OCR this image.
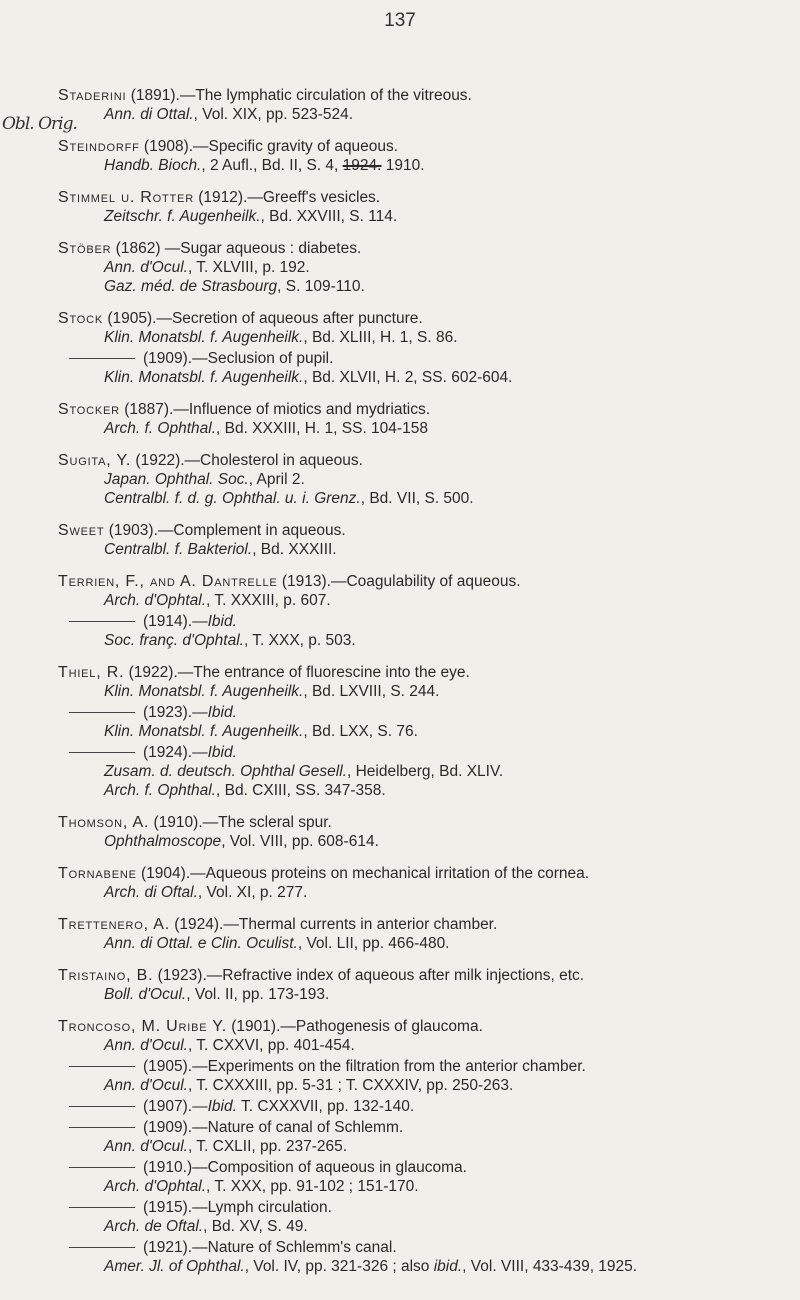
137
Obl. Orig.
Staderini (1891).—The lymphatic circulation of the vitreous.
Ann. di Ottal., Vol. XIX, pp. 523-524.
Steindorff (1908).—Specific gravity of aqueous.
Handb. Bioch., 2 Aufl., Bd. II, S. 4, 1924. 1910.
Stimmel u. Rotter (1912).—Greeff's vesicles.
Zeitschr. f. Augenheilk., Bd. XXVIII, S. 114.
Stöber (1862) —Sugar aqueous : diabetes.
Ann. d'Ocul., T. XLVIII, p. 192.
Gaz. méd. de Strasbourg, S. 109-110.
Stock (1905).—Secretion of aqueous after puncture.
Klin. Monatsbl. f. Augenheilk., Bd. XLIII, H. 1, S. 86.
(1909).—Seclusion of pupil.
Klin. Monatsbl. f. Augenheilk., Bd. XLVII, H. 2, SS. 602-604.
Stocker (1887).—Influence of miotics and mydriatics.
Arch. f. Ophthal., Bd. XXXIII, H. 1, SS. 104-158
Sugita, Y. (1922).—Cholesterol in aqueous.
Japan. Ophthal. Soc., April 2.
Centralbl. f. d. g. Ophthal. u. i. Grenz., Bd. VII, S. 500.
Sweet (1903).—Complement in aqueous.
Centralbl. f. Bakteriol., Bd. XXXIII.
Terrien, F., and A. Dantrelle (1913).—Coagulability of aqueous.
Arch. d'Ophtal., T. XXXIII, p. 607.
(1914).—Ibid.
Soc. franç. d'Ophtal., T. XXX, p. 503.
Thiel, R. (1922).—The entrance of fluorescine into the eye.
Klin. Monatsbl. f. Augenheilk., Bd. LXVIII, S. 244.
(1923).—Ibid.
Klin. Monatsbl. f. Augenheilk., Bd. LXX, S. 76.
(1924).—Ibid.
Zusam. d. deutsch. Ophthal Gesell., Heidelberg, Bd. XLIV.
Arch. f. Ophthal., Bd. CXIII, SS. 347-358.
Thomson, A. (1910).—The scleral spur.
Ophthalmoscope, Vol. VIII, pp. 608-614.
Tornabene (1904).—Aqueous proteins on mechanical irritation of the cornea.
Arch. di Oftal., Vol. XI, p. 277.
Trettenero, A. (1924).—Thermal currents in anterior chamber.
Ann. di Ottal. e Clin. Oculist., Vol. LII, pp. 466-480.
Tristaino, B. (1923).—Refractive index of aqueous after milk injections, etc.
Boll. d'Ocul., Vol. II, pp. 173-193.
Troncoso, M. Uribe Y. (1901).—Pathogenesis of glaucoma.
Ann. d'Ocul., T. CXXVI, pp. 401-454.
(1905).—Experiments on the filtration from the anterior chamber.
Ann. d'Ocul., T. CXXXIII, pp. 5-31 ; T. CXXXIV, pp. 250-263.
(1907).—Ibid. T. CXXXVII, pp. 132-140.
(1909).—Nature of canal of Schlemm.
Ann. d'Ocul., T. CXLII, pp. 237-265.
(1910.)—Composition of aqueous in glaucoma.
Arch. d'Ophtal., T. XXX, pp. 91-102 ; 151-170.
(1915).—Lymph circulation.
Arch. de Oftal., Bd. XV, S. 49.
(1921).—Nature of Schlemm's canal.
Amer. Jl. of Ophthal., Vol. IV, pp. 321-326 ; also ibid., Vol. VIII, 433-439, 1925.
